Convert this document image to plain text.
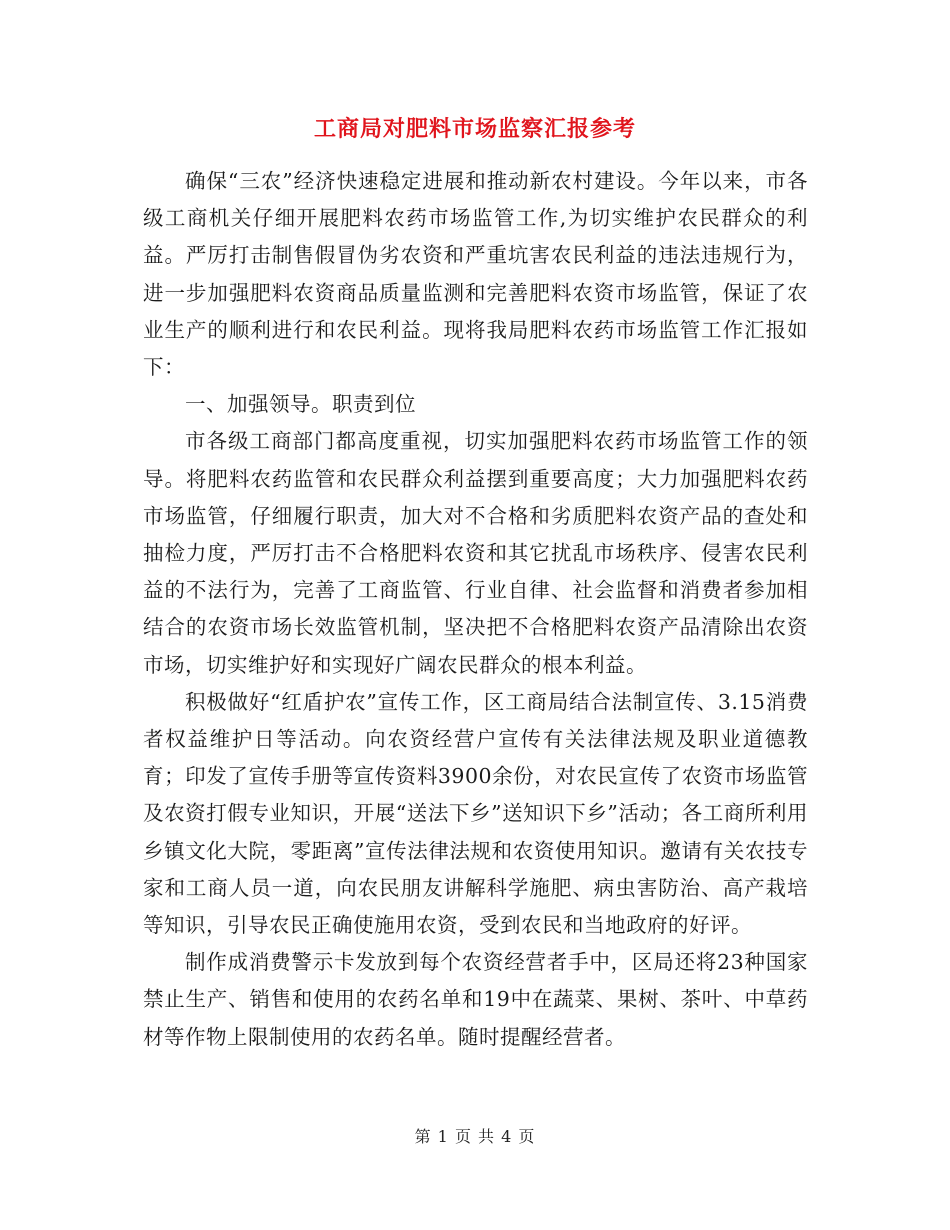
工商局对肥料市场监察汇报参考

确保“三农”经济快速稳定进展和推动新农村建设。今年以来，市各级工商机关仔细开展肥料农药市场监管工作,为切实维护农民群众的利益。严厉打击制售假冒伪劣农资和严重坑害农民利益的违法违规行为，进一步加强肥料农资商品质量监测和完善肥料农资市场监管，保证了农业生产的顺利进行和农民利益。现将我局肥料农药市场监管工作汇报如下：

一、加强领导。职责到位

市各级工商部门都高度重视，切实加强肥料农药市场监管工作的领导。将肥料农药监管和农民群众利益摆到重要高度；大力加强肥料农药市场监管，仔细履行职责，加大对不合格和劣质肥料农资产品的查处和抽检力度，严厉打击不合格肥料农资和其它扰乱市场秩序、侵害农民利益的不法行为，完善了工商监管、行业自律、社会监督和消费者参加相结合的农资市场长效监管机制，坚决把不合格肥料农资产品清除出农资市场，切实维护好和实现好广阔农民群众的根本利益。

积极做好“红盾护农”宣传工作，区工商局结合法制宣传、3.15消费者权益维护日等活动。向农资经营户宣传有关法律法规及职业道德教育；印发了宣传手册等宣传资料3900余份，对农民宣传了农资市场监管及农资打假专业知识，开展“送法下乡”送知识下乡”活动；各工商所利用乡镇文化大院，零距离”宣传法律法规和农资使用知识。邀请有关农技专家和工商人员一道，向农民朋友讲解科学施肥、病虫害防治、高产栽培等知识，引导农民正确使施用农资，受到农民和当地政府的好评。

制作成消费警示卡发放到每个农资经营者手中，区局还将23种国家禁止生产、销售和使用的农药名单和19中在蔬菜、果树、茶叶、中草药材等作物上限制使用的农药名单。随时提醒经营者。

第 1 页 共 4 页
